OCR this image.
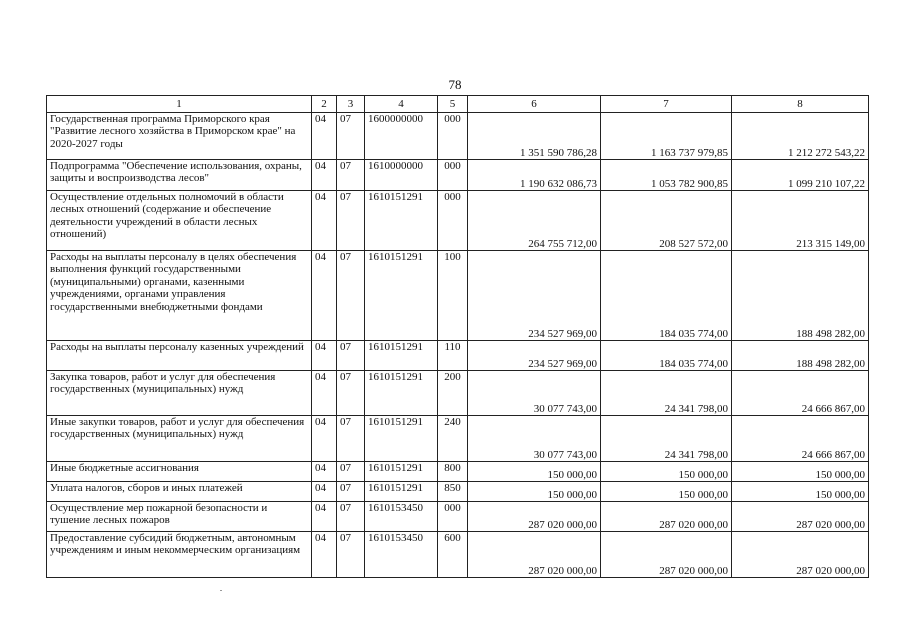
78
1	2	3	4	5	6	7	8
Государственная программа Приморского края "Развитие лесного хозяйства в Приморском крае" на 2020-2027 годы	04	07	1600000000	000	1 351 590 786,28	1 163 737 979,85	1 212 272 543,22
Подпрограмма "Обеспечение использования, охраны, защиты и воспроизводства лесов"	04	07	1610000000	000	1 190 632 086,73	1 053 782 900,85	1 099 210 107,22
Осуществление отдельных полномочий в области лесных отношений (содержание и обеспечение деятельности учреждений в области лесных отношений)	04	07	1610151291	000	264 755 712,00	208 527 572,00	213 315 149,00
Расходы на выплаты персоналу в целях обеспечения выполнения функций государственными (муниципальными) органами, казенными учреждениями, органами управления государственными внебюджетными фондами	04	07	1610151291	100	234 527 969,00	184 035 774,00	188 498 282,00
Расходы на выплаты персоналу казенных учреждений	04	07	1610151291	110	234 527 969,00	184 035 774,00	188 498 282,00
Закупка товаров, работ и услуг для обеспечения государственных (муниципальных) нужд	04	07	1610151291	200	30 077 743,00	24 341 798,00	24 666 867,00
Иные закупки товаров, работ и услуг для обеспечения государственных (муниципальных) нужд	04	07	1610151291	240	30 077 743,00	24 341 798,00	24 666 867,00
Иные бюджетные ассигнования	04	07	1610151291	800	150 000,00	150 000,00	150 000,00
Уплата налогов, сборов и иных платежей	04	07	1610151291	850	150 000,00	150 000,00	150 000,00
Осуществление мер пожарной безопасности и тушение лесных пожаров	04	07	1610153450	000	287 020 000,00	287 020 000,00	287 020 000,00
Предоставление субсидий бюджетным, автономным учреждениям и иным некоммерческим организациям	04	07	1610153450	600	287 020 000,00	287 020 000,00	287 020 000,00
